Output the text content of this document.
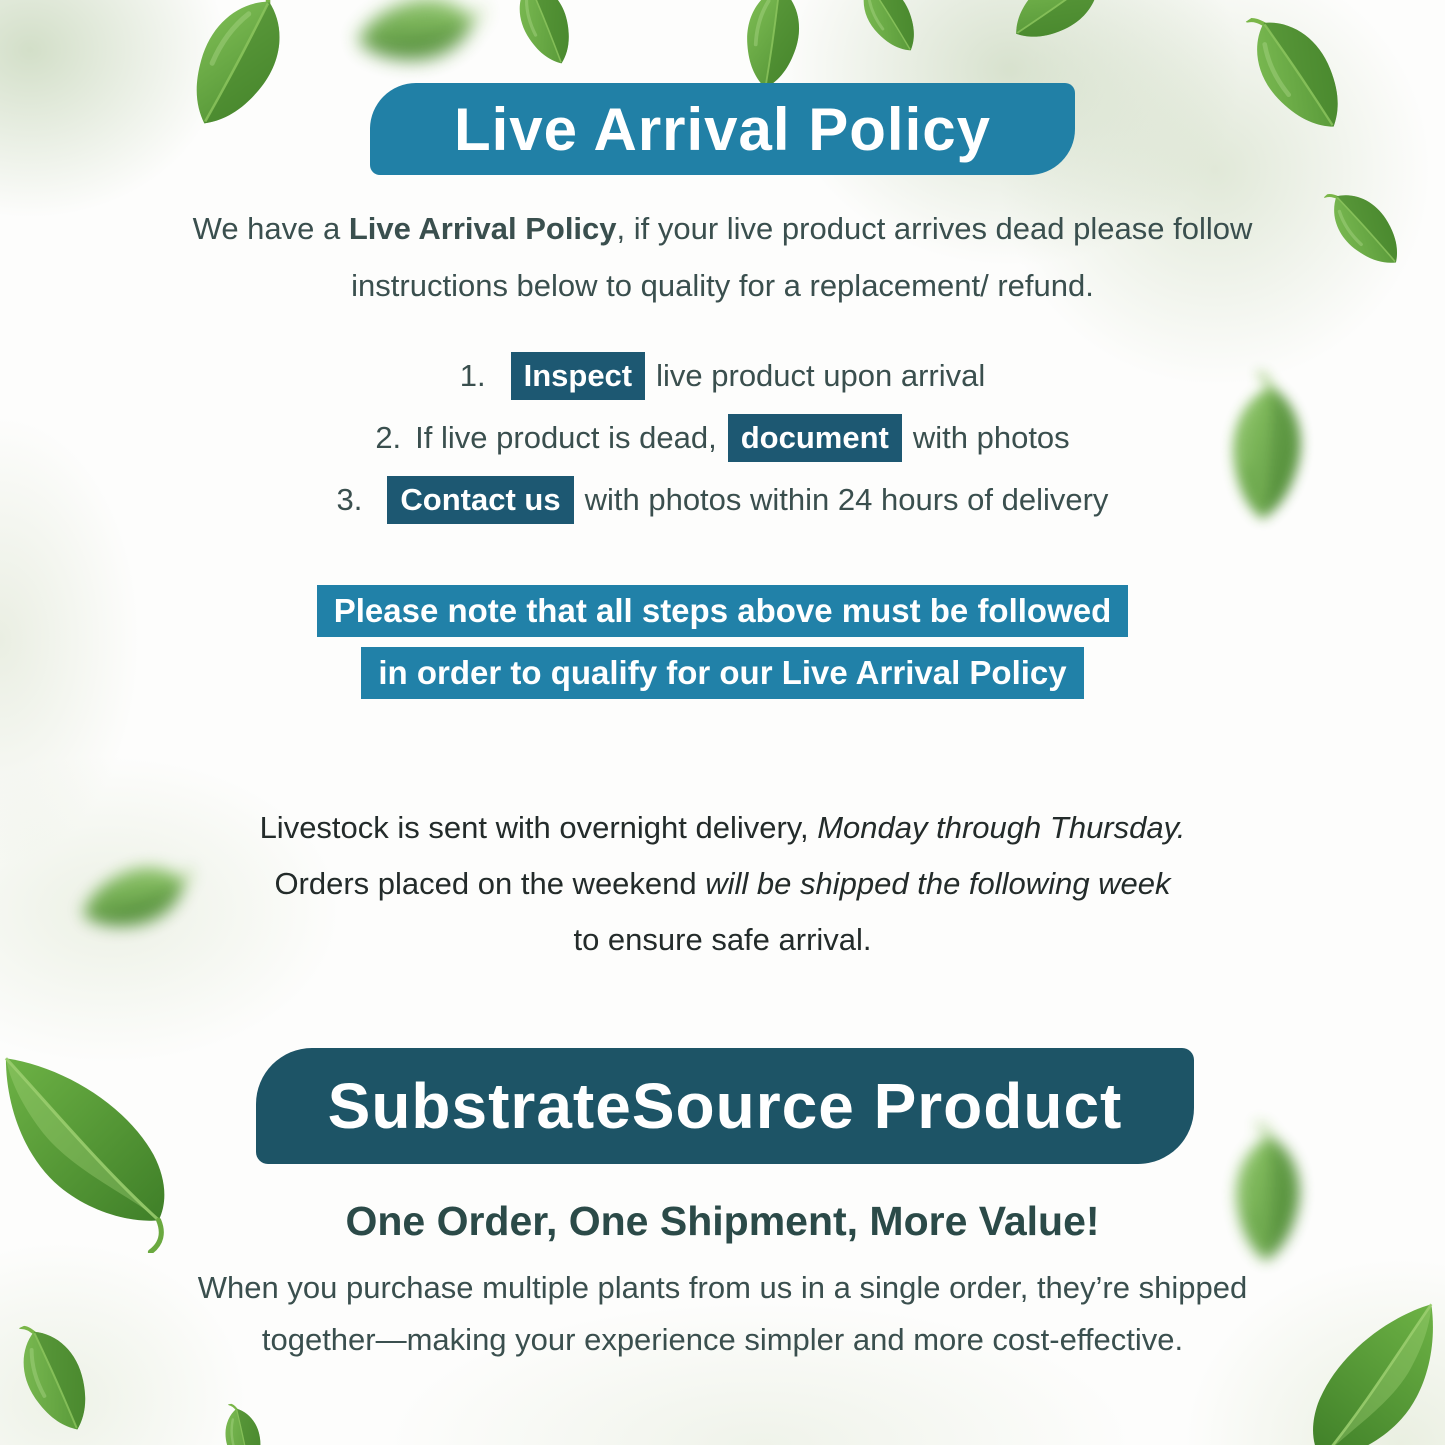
Live Arrival Policy
We have a Live Arrival Policy, if your live product arrives dead please follow
instructions below to quality for a replacement/ refund.
1.	Inspect live product upon arrival
2. If live product is dead, document with photos
3.	Contact us with photos within 24 hours of delivery
Please note that all steps above must be followed
in order to qualify for our Live Arrival Policy
Livestock is sent with overnight delivery, Monday through Thursday.
Orders placed on the weekend will be shipped the following week
to ensure safe arrival.
SubstrateSource Product
One Order, One Shipment, More Value!
When you purchase multiple plants from us in a single order, they’re shipped
together—making your experience simpler and more cost-effective.
